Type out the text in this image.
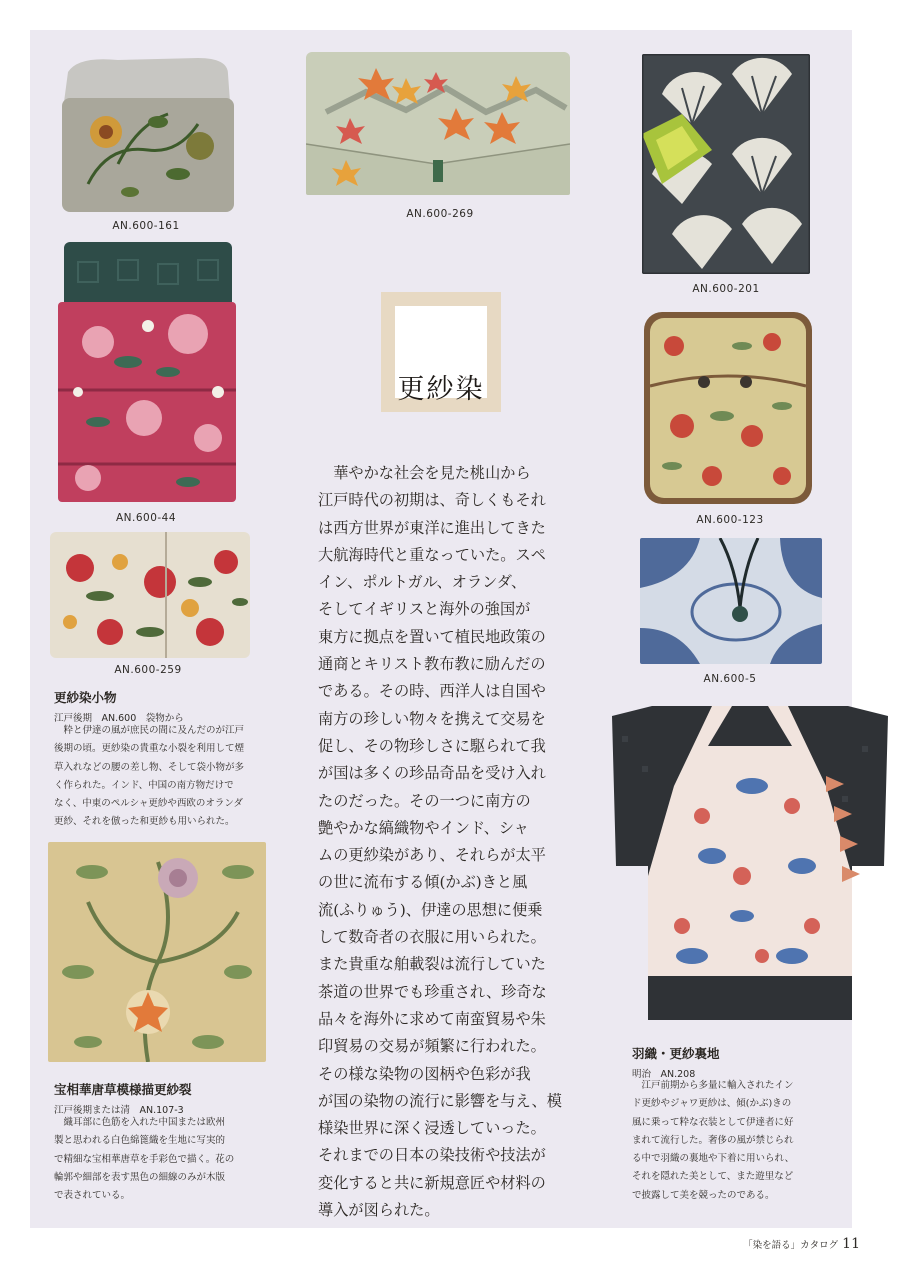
AN.600-161
AN.600-269
AN.600-201
AN.600-44	AN.600-123
AN.600-259
AN.600-5
更紗染
更紗染小物
江戸後期　AN.600　袋物から
　粋と伊達の風が庶民の間に及んだのが江戸
後期の頃。更紗染の貴重な小裂を利用して煙
草入れなどの腰の差し物、そして袋小物が多
く作られた。インド、中国の南方物だけで
なく、中東のペルシャ更紗や西欧のオランダ
更紗、それを倣った和更紗も用いられた。
宝相華唐草模様描更紗裂
江戸後期または清　AN.107-3
　織耳部に色筋を入れた中国または欧州
製と思われる白色綿篦織を生地に写実的
で精細な宝相華唐草を手彩色で描く。花の
輪郭や細部を表す黒色の細線のみが木版
で表されている。
羽織・更紗裏地
明治　AN.208
　江戸前期から多量に輸入されたイン
ド更紗やジャワ更紗は、傾(かぶ)きの
風に乗って粋な衣装として伊達者に好
まれて流行した。奢侈の風が禁じられ
る中で羽織の裏地や下着に用いられ、
それを隠れた美として、また遊里など
で披露して美を競ったのである。
　華やかな社会を見た桃山から
江戸時代の初期は、奇しくもそれ
は西方世界が東洋に進出してきた
大航海時代と重なっていた。スペ
イン、ポルトガル、オランダ、
そしてイギリスと海外の強国が
東方に拠点を置いて植民地政策の
通商とキリスト教布教に励んだの
である。その時、西洋人は自国や
南方の珍しい物々を携えて交易を
促し、その物珍しさに駆られて我
が国は多くの珍品奇品を受け入れ
たのだった。その一つに南方の
艶やかな縞織物やインド、シャ
ムの更紗染があり、それらが太平
の世に流布する傾(かぶ)きと風
流(ふりゅう)、伊達の思想に便乗
して数奇者の衣服に用いられた。
また貴重な舶載裂は流行していた
茶道の世界でも珍重され、珍奇な
品々を海外に求めて南蛮貿易や朱
印貿易の交易が頻繁に行われた。
その様な染物の図柄や色彩が我
が国の染物の流行に影響を与え、模
様染世界に深く浸透していった。
それまでの日本の染技術や技法が
変化すると共に新規意匠や材料の
導入が図られた。
「染を語る」カタログ 11
